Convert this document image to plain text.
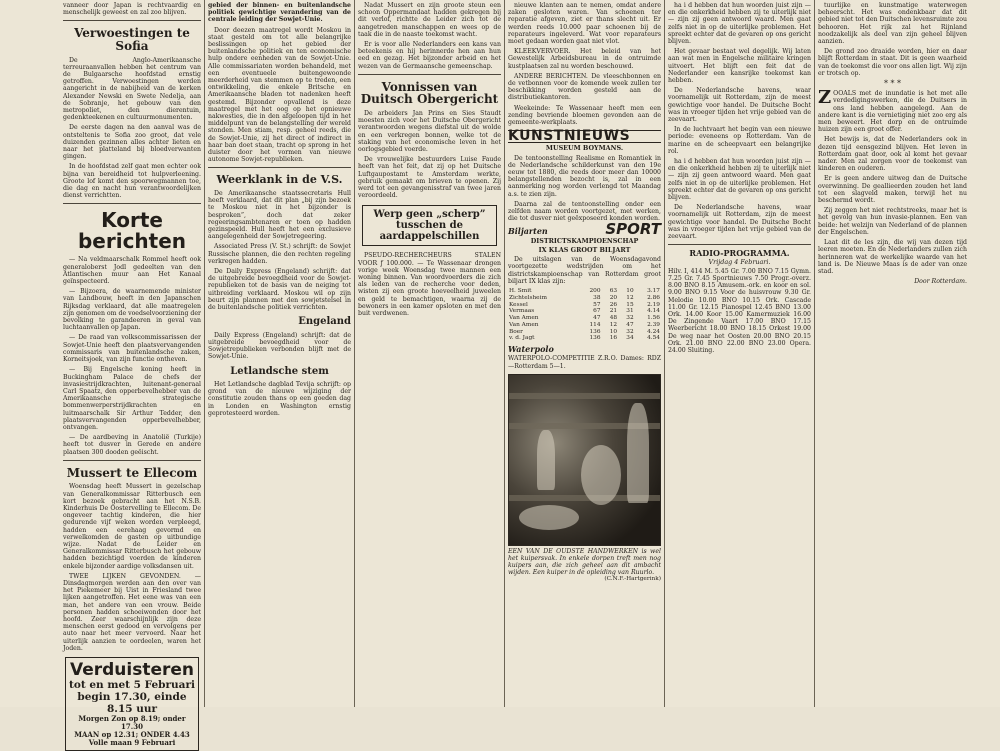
vanneer door Japan is rechtvaardig en menschelijk geweest en zal zoo blijven.

Verwoestingen te Sofia

De Anglo-Amerikaansche terreuraanvallen hebben het centrum van de Bulgaarsche hoofdstad ernstig getroffen. Verwoestingen werden aangericht in de nabijheid van de kerken Alexander Newski en Swete Nedelja, aan de Sobranje, het gebouw van den metropoliet, den dierentuin, gedenkteekenen en cultuurmonumenten.

De eerste dagen na den aanval was de ontsteltenis te Sofia zoo groot, dat vele duizenden gezinnen alles achter lieten en naar het platteland bij bloedverwanten gingen.

In de hoofdstad zelf gaat men echter ook bijna van bereidheid tot hulpverleening. Groote lof komt den spoorwegmannen toe, die dag en nacht hun verantwoordelijken dienst verrichtten.

Korte berichten

— Na veldmaarschalk Rommel heeft ook generaloberst Jodl gedeelten van den Atlantischen muur aan Het Kanaal geïnspecteerd.

— Bijzoera, de waarnemende minister van Landbouw, heeft in den Japanschen Rijksdag verklaard, dat alle maatregelen zijn genomen om de voedselvoorziening der bevolking te garandeeren in geval van luchtaanvallen op Japan.

— De raad van volkscommissarissen der Sowjet-Unie heeft den plaatsvervangenden commissaris van buitenlandsche zaken, Korneitsjoek, van zijn functie ontheven.

— Bij Engelsche koning heeft in Buckingham Palace de chefs der invasiestrijdkrachten, luitenant-generaal Carl Spaatz, den opperbevelhebber van de Amerikaansche strategische bommenwerperstrijdkrachten en luitmaarschalk Sir Arthur Tedder, den plaatsvervangenden opperbevelhebber, ontvangen.

— De aardbeving in Anatolië (Turkije) heeft tot dusver in Gerede en andere plaatsen 300 dooden geëischt.

Mussert te Ellecom

Woensdag heeft Mussert in gezelschap van Generalkommissar Ritterbusch een kort bezoek gebracht aan het N.S.B. Kinderhuis De Oostervelling te Ellecom. De ongeveer tachtig kinderen, die hier gedurende vijf weken worden verpleegd, hadden een eerehaag gevormd en verwelkomden de gasten op uitbundige wijze. Nadat de Leider en Generalkommissar Ritterbusch het gebouw hadden bezichtigd voerden de kinderen enkele bijzonder aardige volksdansen uit.

TWEE LIJKEN GEVONDEN. — Dinsdagmorgen werden aan den over van het Piekemeer bij Uist in Friesland twee lijken aangetroffen. Het eene was van een man, het andere van een vrouw. Beide personen hadden schoeiwonden door het hoofd. Zeer waarschijnlijk zijn deze menschen eerst gedood en vervolgens per auto naar het meer vervoerd. Naar het uiterlijk aanzien te oordeelen, waren het Joden.

Verduisteren
tot en met 5 Februari
begin 17.30, einde 8.15 uur
Morgen Zon op 8.19; onder 17.30
MAAN op 12.31; ONDER 4.43
Volle maan 9 Februari

gebied der binnen- en buitenlandsche politiek gewichtige verandering van de centrale leiding der Sowjet-Unie.

Door deezen maatregel wordt Moskou in staat gesteld om tot alle belangrijke beslissingen op het gebied der buitenlandsche politiek en ten economische hulp ondere eenheden van de Sowjet-Unie. Alle commissariaten worden behandeld, met een eventueele buitengewoonde meerderheid van stemmen op te treden, een ontwikkeling, die enkele Britsche en Amerikaansche bladen tot nadenken heeft gestemd. Bijzonder opvallend is deze maatregel met het oog op het opnieuwe nakwesties, die in den afgeloopen tijd in het middelpunt van de belangstelling der wereld stonden. Men stiam, resp. geheel reeds, die de Sowjet-Unie, zij het direct of indirect in haar ban doet staan, tracht op sprong in het duister door het vormen van nieuwe autonome Sowjet-republieken.

Weerklank in de V.S.

De Amerikaansche staatssecretaris Hull heeft verklaard, dat dit plan „bij zijn bezoek te Moskou niet in het bijzonder is besproken”, doch dat zeker regeeringsambtenaren er toen op hadden gezinspeeld. Hull heeft het een exclusieve aangelegenheid der Sowjetregeering.

Associated Press (V. St.) schrijft: de Sowjet Russische plannen, die den rechten regeling verkregen hadden.

De Daily Express (Engeland) schrijft: dat de uitgebreide bevoegdheid voor de Sowjet-republieken tot de basis van de neiging tot uitbreiding verklaard. Moskou wil op zijn beurt zijn plannen met den sowjetstelsel in de buitenlandsche politiek verrichten.

Engeland

Daily Express (Engeland) schrijft: dat de uitgebreide bevoegdheid voor de Sowjetrepublieken verbonden blijft met de Sowjet-Unie.

Letlandsche stem

Het Letlandsche dagblad Tevija schrijft: op grond van de nieuwe wijziging der constitutie zouden thans op een goeden dag in Londen en Washington ernstig geprotesteerd worden.

Nadat Mussert en zijn groote steun een schoon Oppermandaat hadden gekregen bij dit verlof, richtte de Leider zich tot de aangetreden manschappen en wees op de taak die in de naaste toekomst wacht.

Er is voor alle Nederlanders een kans van beteekenis en hij herinnerde hen aan hun eed en gezag. Het bijzonder arbeid en het wezen van de Germaansche gemeenschap.

Vonnissen van Duitsch Obergericht

De arbeiders Jan Prins en Sies Staudt moesten zich voor het Duitsche Obergericht verantwoorden wegens diefstal uit de wolde en een verkregen bonnen, welke tot de staking van het economische leven in het oorlogsgebied voerde.

De vrouwelijke bestuurders Luise Faude heeft van het feit, dat zij op het Duitsche Luftgaupostamt te Amsterdam werkte, gebruik gemaakt om brieven te openen. Zij werd tot een gevangenisstraf van twee jaren veroordeeld.

Werp geen „scherp” tusschen de aardappelschillen

PSEUDO-RECHERCHEURS STALEN VOOR ƒ 100.000. — Te Wassenaar drongen vorige week Woensdag twee mannen een woning binnen. Van woordvoerders die zich als leden van de recherche voor deden, wisten zij een groote hoeveelheid juweelen en geld te bemachtigen, waarna zij de bewoners in een kamer opsloten en met den buit verdwenen.

nieuwe klanten aan te nemen, omdat andere zaken gesloten waren. Van schoenen ter reparatie afgeven, ziet er thans slecht uit. Er werden reeds 10.000 paar schoenen bij de reparateurs ingeleverd. Wat voor reparateurs moet gedaan worden gaat niet vlot.

KLEEKVERVOER. Het beleid van het Gewestelijk Arbeidsbureau in de ontruimde kustplaatsen zal nu worden beschouwd.

ANDERE BERICHTEN. De vleeschbonnen en de vetbonnen voor de komende week zullen ter beschikking worden gesteld aan de distributiekantoren.

Weekeinde: Te Wassenaar heeft men een zending bevriende bloemen gevonden aan de gemeente-werkplaats.

KUNSTNIEUWS
MUSEUM BOYMANS.

De tentoonstelling Realisme en Romantiek in de Nederlandsche schilderkunst van den 19e eeuw tot 1880, die reeds door meer dan 10000 belangstellenden bezocht is, zal in een aanmerking nog worden verlengd tot Maandag a.s. te zien zijn.

Daarna zal de tentoonstelling onder een zelfden naam worden voortgezet, met werken, die tot dusver niet geëxposeerd konden worden.

Biljarten	SPORT
DISTRICTSKAMPIOENSCHAP
IX KLAS GROOT BILJART

De uitslagen van de Woensdagavond voortgezette wedstrijden om het districtskampioenschap van Rotterdam groot biljart IX klas zijn:

H. Smit	200	63	10	3.17
Zichtelsheim	38	20	12	2.86
Kessel	57	26	15	2.19
Vermaas	67	21	31	4.14
Van Amen	47	48	32	1.56
Van Amen	114	12	47	2.39
Boer	136	10	32	4.24
v. d. Jagt	136	16	34	4.54
Waterpolo

WATERPOLO-COMPETITIE Z.R.O. Dames: RDZ—Rotterdam 5—1.

EEN VAN DE OUDSTE HANDWERKEN is wel het kuipersvak. In enkele dorpen treft men nog kuipers aan, die zich geheel aan dit ambacht wijden. Een kuiper in de opleiding van Ruurlo.
(C.N.F.-Hartgerink)

ha i d hebben dat hun woorden juist zijn — en die onkerkheid hebben zij te uiterlijk niet — zijn zij geen antwoord waard. Men gaat zelfs niet in op de uiterlijke problemen. Het spreekt echter dat de gevaren op ons gericht blijven.

Het gevaar bestaat wel degelijk. Wij laten aan wat men in Engelsche militaire kringen uitvoert. Het blijft een feit dat de Nederlander een kansrijke toekomst kan hebben.

De Nederlandsche havens, waar voornamelijk uit Rotterdam, zijn de meest gewichtige voor handel. De Duitsche Bocht was in vroeger tijden het vrije gebied van de zeevaart.

In de luchtvaart het begin van een nieuwe periode: eveneens op Rotterdam. Van de marine en de scheepvaart een belangrijke rol.

ha i d hebben dat hun woorden juist zijn — en die onkerkheid hebben zij te uiterlijk niet — zijn zij geen antwoord waard. Men gaat zelfs niet in op de uiterlijke problemen. Het spreekt echter dat de gevaren op ons gericht blijven.

De Nederlandsche havens, waar voornamelijk uit Rotterdam, zijn de meest gewichtige voor handel. De Duitsche Bocht was in vroeger tijden het vrije gebied van de zeevaart.

RADIO-PROGRAMMA.
Vrijdag 4 Februari.

Hilv. I, 414 M. 5.45 Gr. 7.00 BNO 7.15 Gymn. 7.25 Gr. 7.45 Sportnieuws 7.50 Progr.-overz. 8.00 BNO 8.15 Amusem.-ork. en koor en sol. 9.00 BNO 9.15 Voor de huisvrouw 9.30 Gr. Melodie 10.00 BNO 10.15 Ork. Cascade 11.00 Gr. 12.15 Pianospel 12.45 BNO 13.00 Ork. 14.00 Koor 15.00 Kamermuziek 16.00 De Zingende Vaart 17.00 BNO 17.15 Weerbericht 18.00 BNO 18.15 Orkest 19.00 De weg naar het Oosten 20.00 BNO 20.15 Ork. 21.00 BNO 22.00 BNO 23.00 Opera. 24.00 Sluiting.

tuurlijke en kunstmatige waterwegen beheerscht. Het was ondenkbaar dat dit gebied niet tot den Duitschen levensruimte zou behooren. Het rijk zal het Rijnland noodzakelijk als deel van zijn geheel blijven aanzien.

De grond zoo draaide worden, hier en daar blijft Rotterdam in staat. Dit is geen waarheid van de toekomst die voor ons allen ligt. Wij zijn er trotsch op.

* * *
Z OOALS met de inundatie is het met alle verdedigingswerken, die de Duitsers in ons land hebben aangelegd. Aan de andere kant is die vernietiging niet zoo erg als men beweert. Het dorp en de ontruimde huizen zijn een groot offer.

Het bewijs is, dat de Nederlanders ook in dezen tijd eensgezind blijven. Het leven in Rotterdam gaat door, ook al komt het gevaar nader. Men zal zorgen voor de toekomst van kinderen en ouderen.

Er is geen andere uitweg dan de Duitsche overwinning. De geallieerden zouden het land tot een slagveld maken, terwijl het nu beschermd wordt.

Zij zeggen het niet rechtstreeks, maar het is het gevolg van hun invasie-plannen. Een van beide: het welzijn van Nederland of de plannen der Engelschen.

Laat dit de les zijn, die wij van dezen tijd leeren moeten. En de Nederlanders zullen zich herinneren wat de werkelijke waarde van het land is. De Nieuwe Maas is de ader van onze stad.

Door Rotterdam.
